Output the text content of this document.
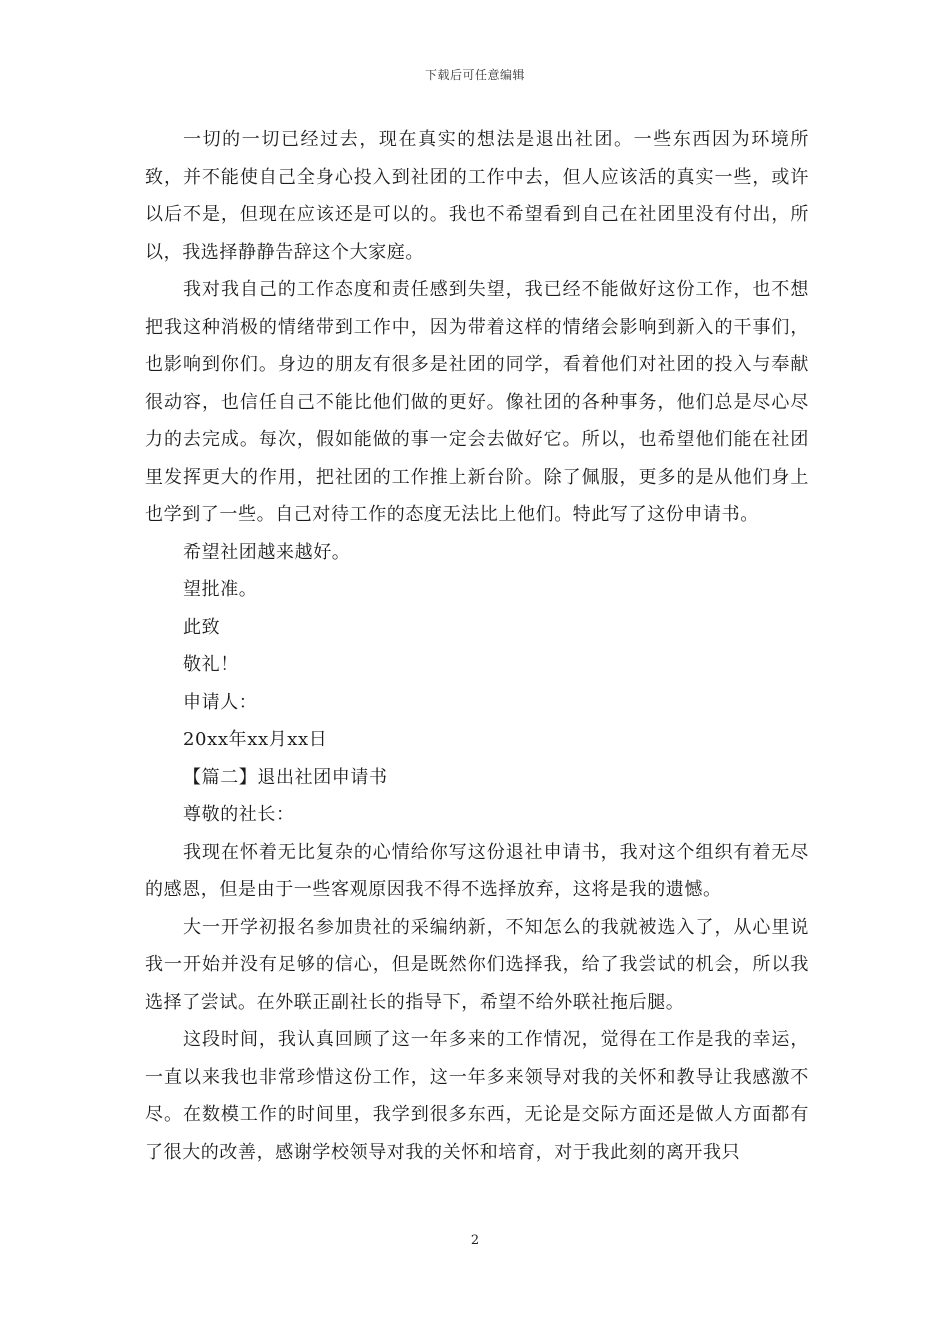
下载后可任意编辑

一切的一切已经过去，现在真实的想法是退出社团。一些东西因为环境所致，并不能使自己全身心投入到社团的工作中去，但人应该活的真实一些，或许以后不是，但现在应该还是可以的。我也不希望看到自己在社团里没有付出，所以，我选择静静告辞这个大家庭。

我对我自己的工作态度和责任感到失望，我已经不能做好这份工作，也不想把我这种消极的情绪带到工作中，因为带着这样的情绪会影响到新入的干事们，也影响到你们。身边的朋友有很多是社团的同学，看着他们对社团的投入与奉献很动容，也信任自己不能比他们做的更好。像社团的各种事务，他们总是尽心尽力的去完成。每次，假如能做的事一定会去做好它。所以，也希望他们能在社团里发挥更大的作用，把社团的工作推上新台阶。除了佩服，更多的是从他们身上也学到了一些。自己对待工作的态度无法比上他们。特此写了这份申请书。

希望社团越来越好。

望批准。

此致

敬礼！

申请人：

20xx年xx月xx日

【篇二】退出社团申请书

尊敬的社长：

我现在怀着无比复杂的心情给你写这份退社申请书，我对这个组织有着无尽的感恩，但是由于一些客观原因我不得不选择放弃，这将是我的遗憾。

大一开学初报名参加贵社的采编纳新，不知怎么的我就被选入了，从心里说我一开始并没有足够的信心，但是既然你们选择我，给了我尝试的机会，所以我选择了尝试。在外联正副社长的指导下，希望不给外联社拖后腿。

这段时间，我认真回顾了这一年多来的工作情况，觉得在工作是我的幸运，一直以来我也非常珍惜这份工作，这一年多来领导对我的关怀和教导让我感激不尽。在数模工作的时间里，我学到很多东西，无论是交际方面还是做人方面都有了很大的改善，感谢学校领导对我的关怀和培育，对于我此刻的离开我只

2
